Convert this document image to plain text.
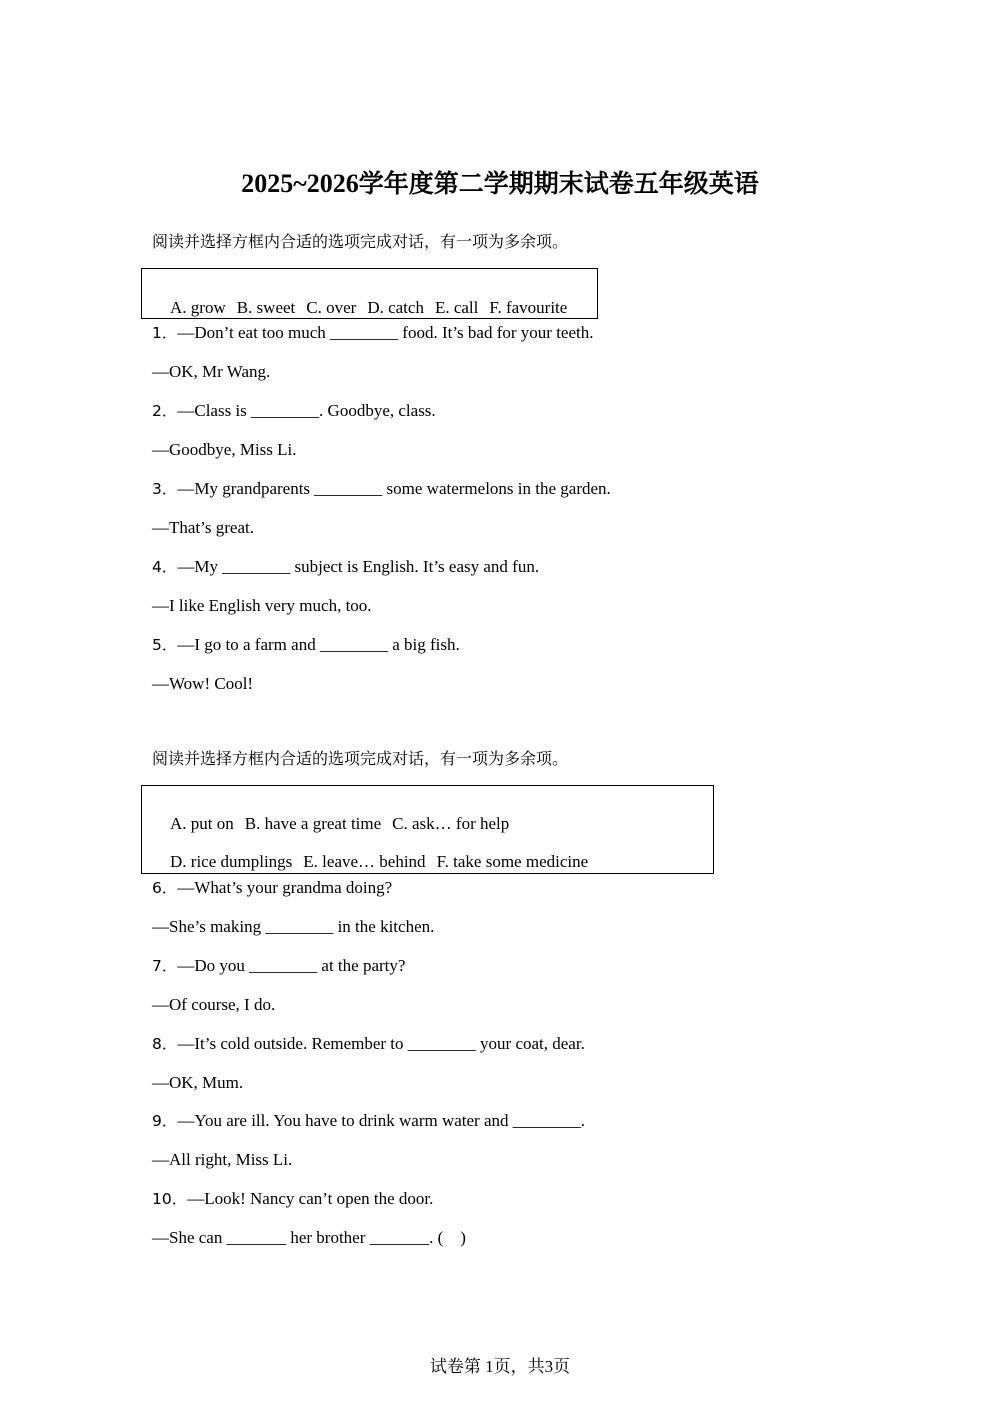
2025~2026学年度第二学期期末试卷五年级英语
阅读并选择方框内合适的选项完成对话，有一项为多余项。

A. grow B. sweet C. over D. catch E. call F. favourite

1．—Don’t eat too much ________ food. It’s bad for your teeth.
—OK, Mr Wang.
2．—Class is ________. Goodbye, class.
—Goodbye, Miss Li.
3．—My grandparents ________ some watermelons in the garden.
—That’s great.
4．—My ________ subject is English. It’s easy and fun.
—I like English very much, too.
5．—I go to a farm and ________ a big fish.
—Wow! Cool!
阅读并选择方框内合适的选项完成对话，有一项为多余项。

A. put on B. have a great time C. ask… for help

D. rice dumplings E. leave… behind F. take some medicine

6．—What’s your grandma doing?
—She’s making ________ in the kitchen.
7．—Do you ________ at the party?
—Of course, I do.
8．—It’s cold outside. Remember to ________ your coat, dear.
—OK, Mum.
9．—You are ill. You have to drink warm water and ________.
—All right, Miss Li.
10．—Look! Nancy can’t open the door.
—She can _______ her brother _______. (　)
试卷第 1页，共3页
